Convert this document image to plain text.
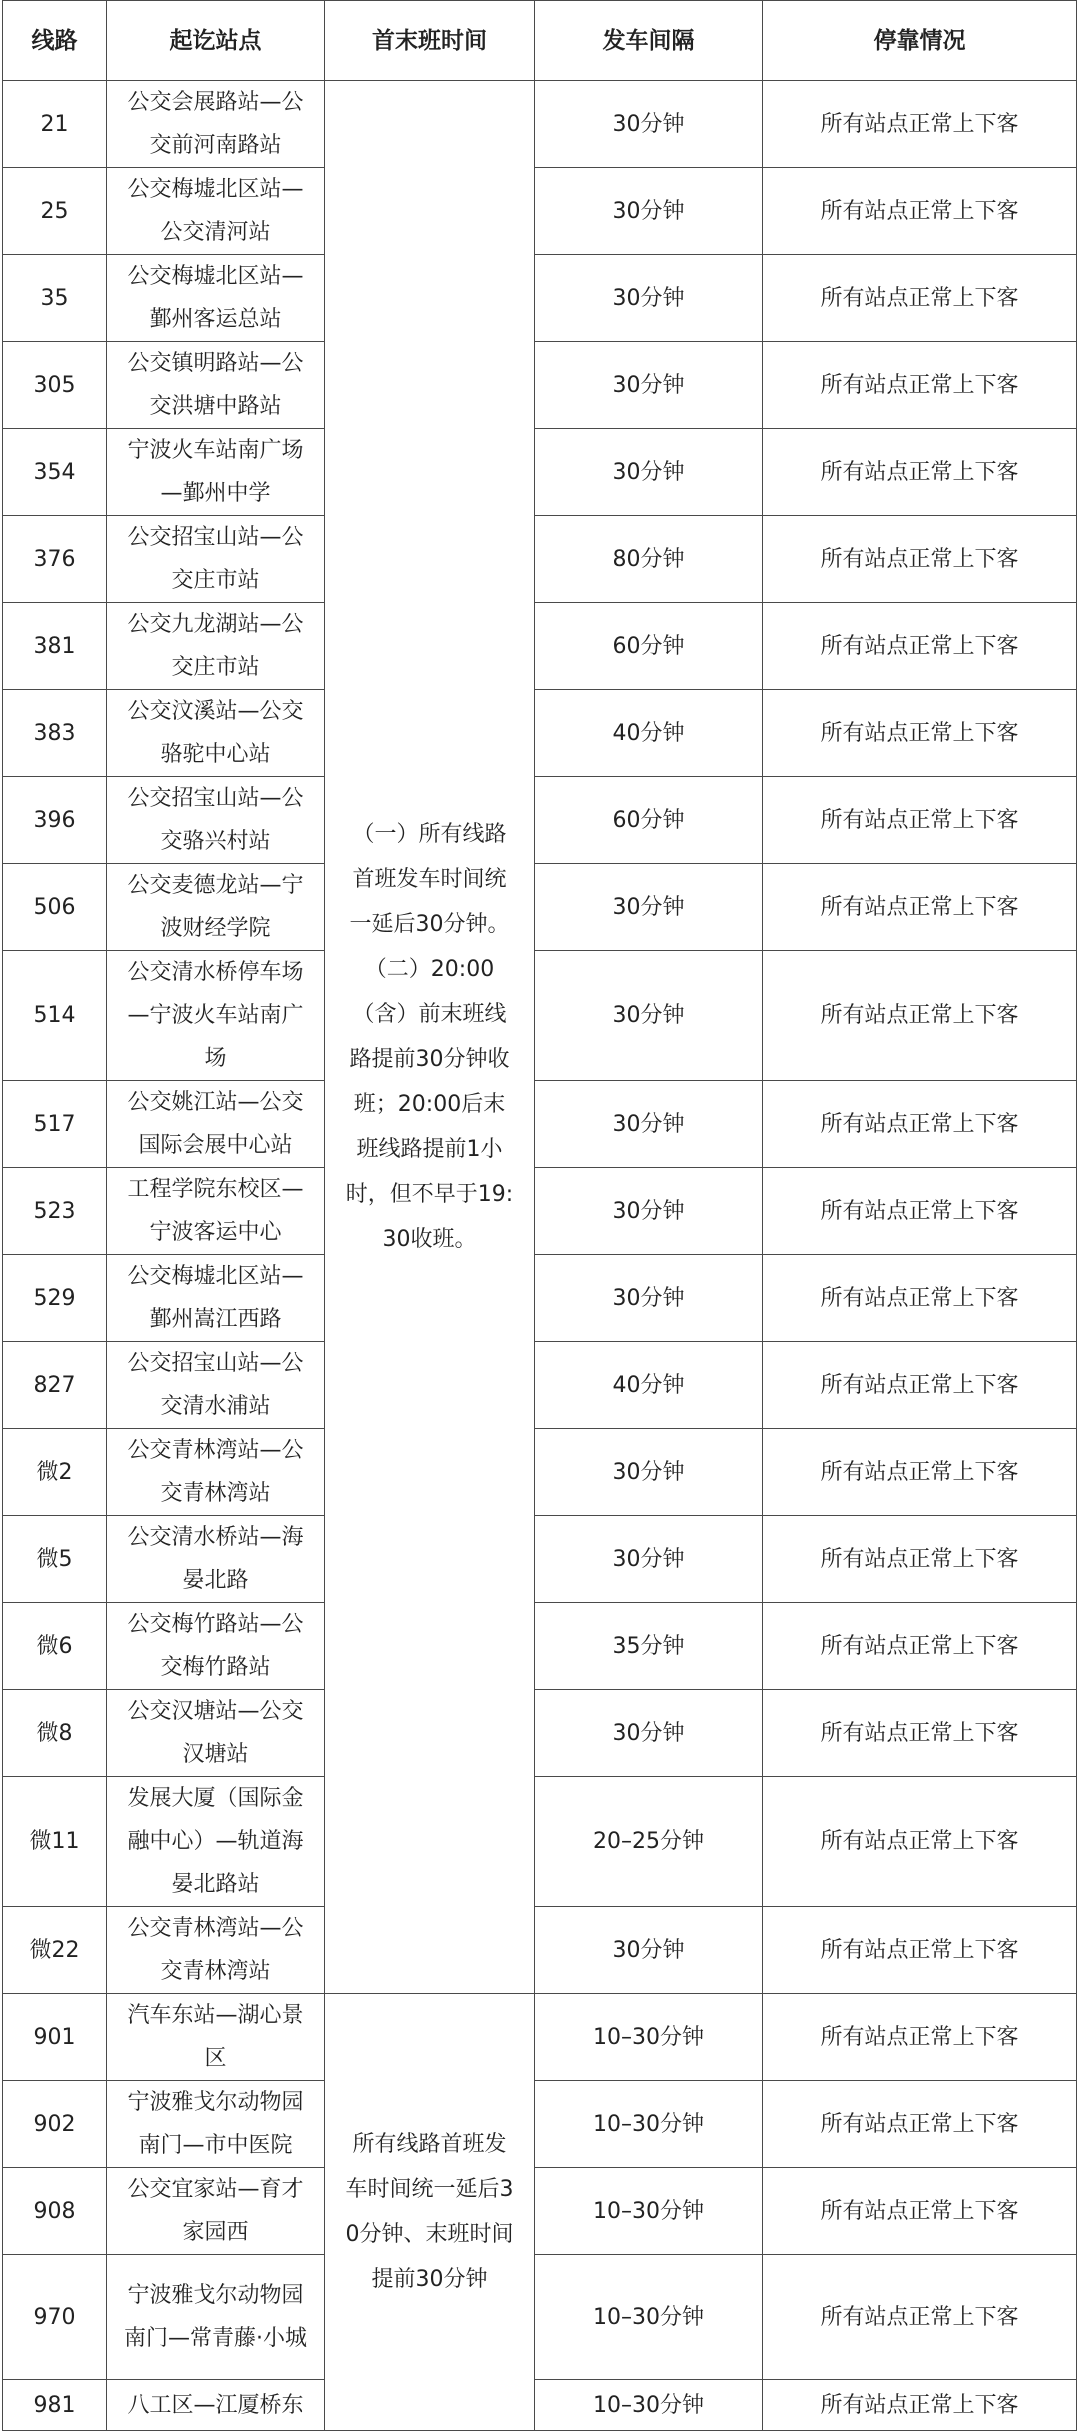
线路	起讫站点	首末班时间	发车间隔	停靠情况
21	公交会展路站—公交前河南路站	（一）所有线路首班发车时间统一延后30分钟。（二）20:00（含）前末班线路提前30分钟收班；20:00后末班线路提前1小时，但不早于19:30收班。	30分钟	所有站点正常上下客
25	公交梅墟北区站—公交清河站		30分钟	所有站点正常上下客
35	公交梅墟北区站—鄞州客运总站		30分钟	所有站点正常上下客
305	公交镇明路站—公交洪塘中路站		30分钟	所有站点正常上下客
354	宁波火车站南广场—鄞州中学		30分钟	所有站点正常上下客
376	公交招宝山站—公交庄市站		80分钟	所有站点正常上下客
381	公交九龙湖站—公交庄市站		60分钟	所有站点正常上下客
383	公交汶溪站—公交骆驼中心站		40分钟	所有站点正常上下客
396	公交招宝山站—公交骆兴村站		60分钟	所有站点正常上下客
506	公交麦德龙站—宁波财经学院		30分钟	所有站点正常上下客
514	公交清水桥停车场—宁波火车站南广场		30分钟	所有站点正常上下客
517	公交姚江站—公交国际会展中心站		30分钟	所有站点正常上下客
523	工程学院东校区—宁波客运中心		30分钟	所有站点正常上下客
529	公交梅墟北区站—鄞州嵩江西路		30分钟	所有站点正常上下客
827	公交招宝山站—公交清水浦站		40分钟	所有站点正常上下客
微2	公交青林湾站—公交青林湾站		30分钟	所有站点正常上下客
微5	公交清水桥站—海晏北路		30分钟	所有站点正常上下客
微6	公交梅竹路站—公交梅竹路站		35分钟	所有站点正常上下客
微8	公交汉塘站—公交汉塘站		30分钟	所有站点正常上下客
微11	发展大厦（国际金融中心）—轨道海晏北路站		20–25分钟	所有站点正常上下客
微22	公交青林湾站—公交青林湾站		30分钟	所有站点正常上下客
901	汽车东站—湖心景区	所有线路首班发车时间统一延后30分钟、末班时间提前30分钟	10–30分钟	所有站点正常上下客
902	宁波雅戈尔动物园南门—市中医院		10–30分钟	所有站点正常上下客
908	公交宜家站—育才家园西		10–30分钟	所有站点正常上下客
970	宁波雅戈尔动物园南门—常青藤·小城		10–30分钟	所有站点正常上下客
981	八工区—江厦桥东		10–30分钟	所有站点正常上下客
